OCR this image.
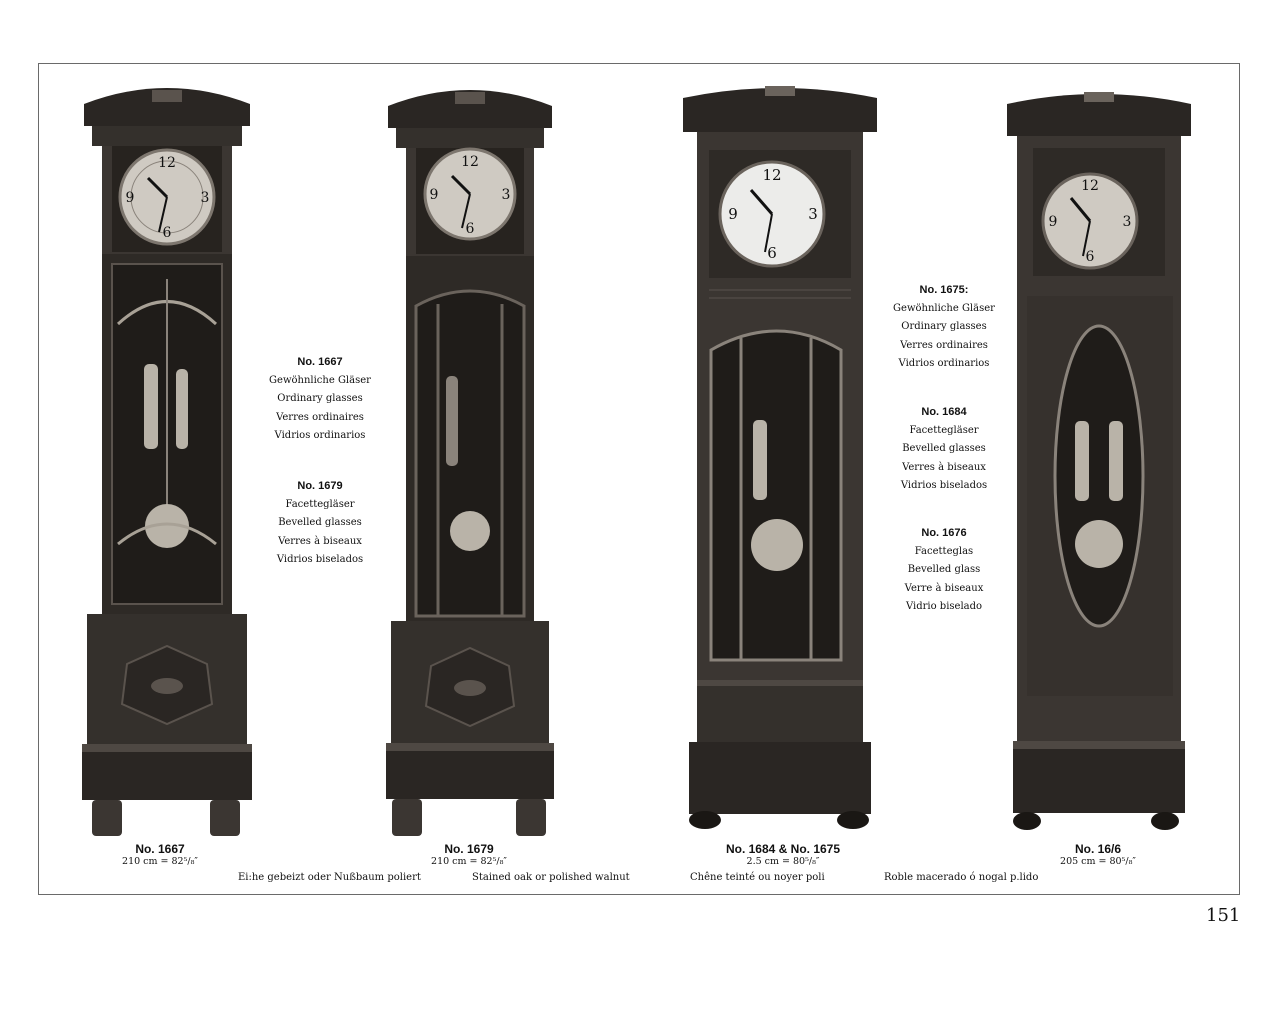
12
3
6
9
12
3
6
9
12
3
6
9
12
3
6
9
No. 1667
Gewöhnliche Gläser
Ordinary glasses
Verres ordinaires
Vidrios ordinarios
No. 1679
Facettegläser
Bevelled glasses
Verres à biseaux
Vidrios biselados
No. 1675:
Gewöhnliche Gläser
Ordinary glasses
Verres ordinaires
Vidrios ordinarios
No. 1684
Facettegläser
Bevelled glasses
Verres à biseaux
Vidrios biselados
No. 1676
Facetteglas
Bevelled glass
Verre à biseaux
Vidrio biselado
No. 1667
210 cm = 82⁵/₈″
No. 1679
210 cm = 82⁵/₈″
No. 1684 & No. 1675
2.5 cm = 80⁵/₈″
No. 16/6
205 cm = 80⁵/₈″
Ei:he gebeizt oder Nußbaum poliert	Stained oak or polished walnut	Chêne teinté ou noyer poli	Roble macerado ó nogal p.lido
151
